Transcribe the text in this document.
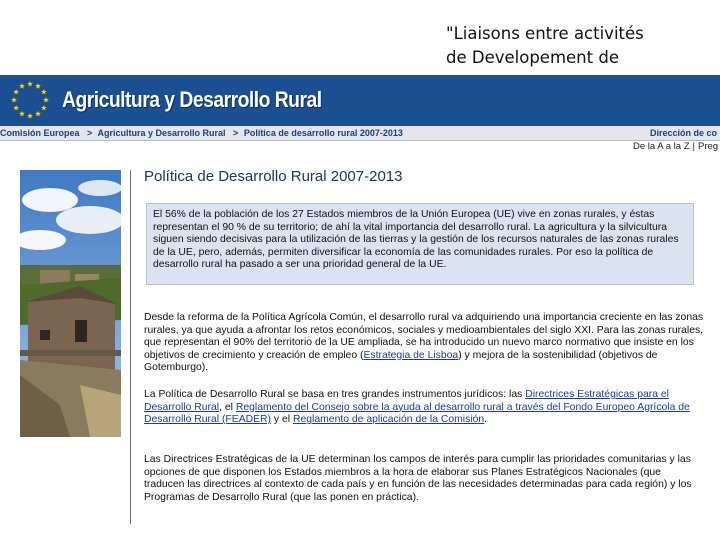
"Liaisons entre activités
de Developement de
Agricultura y Desarrollo Rural
Comisión Europea > Agricultura y Desarrollo Rural > Política de desarrollo rural 2007-2013	Dirección de co
De la A a la Z | Preg
Política de Desarrollo Rural 2007-2013
El 56% de la población de los 27 Estados miembros de la Unión Europea (UE) vive en zonas rurales, y éstas representan el 90 % de su territorio; de ahí la vital importancia del desarrollo rural. La agricultura y la silvicultura siguen siendo decisivas para la utilización de las tierras y la gestión de los recursos naturales de las zonas rurales de la UE, pero, además, permiten diversificar la economía de las comunidades rurales. Por eso la política de desarrollo rural ha pasado a ser una prioridad general de la UE.
Desde la reforma de la Política Agrícola Común, el desarrollo rural va adquiriendo una importancia creciente en las zonas rurales, ya que ayuda a afrontar los retos económicos, sociales y medioambientales del siglo XXI. Para las zonas rurales, que representan el 90% del territorio de la UE ampliada, se ha introducido un nuevo marco normativo que insiste en los objetivos de crecimiento y creación de empleo (Estrategia de Lisboa) y mejora de la sostenibilidad (objetivos de Gotemburgo).
La Política de Desarrollo Rural se basa en tres grandes instrumentos jurídicos: las Directrices Estratégicas para el Desarrollo Rural, el Reglamento del Consejo sobre la ayuda al desarrollo rural a través del Fondo Europeo Agrícola de Desarrollo Rural (FEADER) y el Reglamento de aplicación de la Comisión.
Las Directrices Estratégicas de la UE determinan los campos de interés para cumplir las prioridades comunitarias y las opciones de que disponen los Estados miembros a la hora de elaborar sus Planes Estratégicos Nacionales (que traducen las directrices al contexto de cada país y en función de las necesidades determinadas para cada región) y los Programas de Desarrollo Rural (que las ponen en práctica).
